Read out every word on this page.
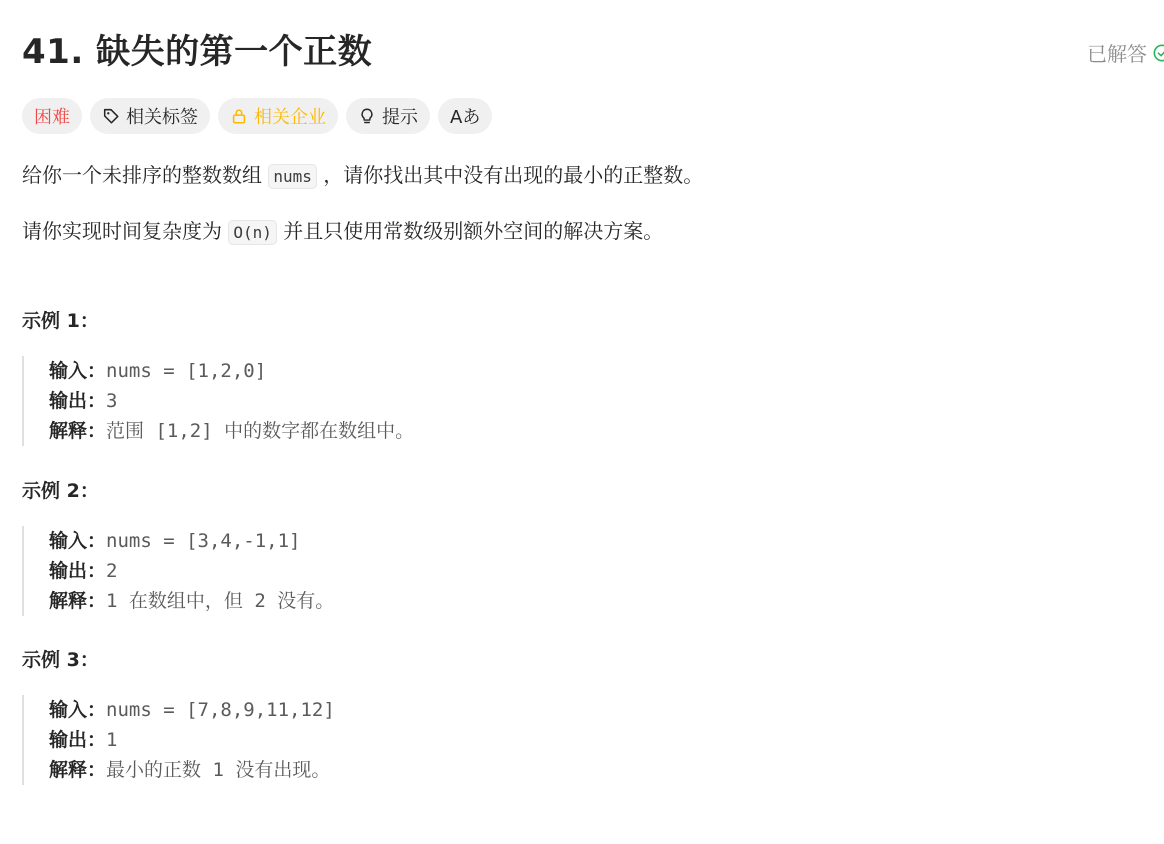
41. 缺失的第一个正数	已解答
困难	相关标签	相关企业	提示 Aあ
给你一个未排序的整数数组 nums ，请你找出其中没有出现的最小的正整数。
请你实现时间复杂度为 O(n) 并且只使用常数级别额外空间的解决方案。
示例 1：
输入：nums = [1,2,0]
输出：3
解释：范围 [1,2] 中的数字都在数组中。
示例 2：
输入：nums = [3,4,-1,1]
输出：2
解释：1 在数组中，但 2 没有。
示例 3：
输入：nums = [7,8,9,11,12]
输出：1
解释：最小的正数 1 没有出现。
